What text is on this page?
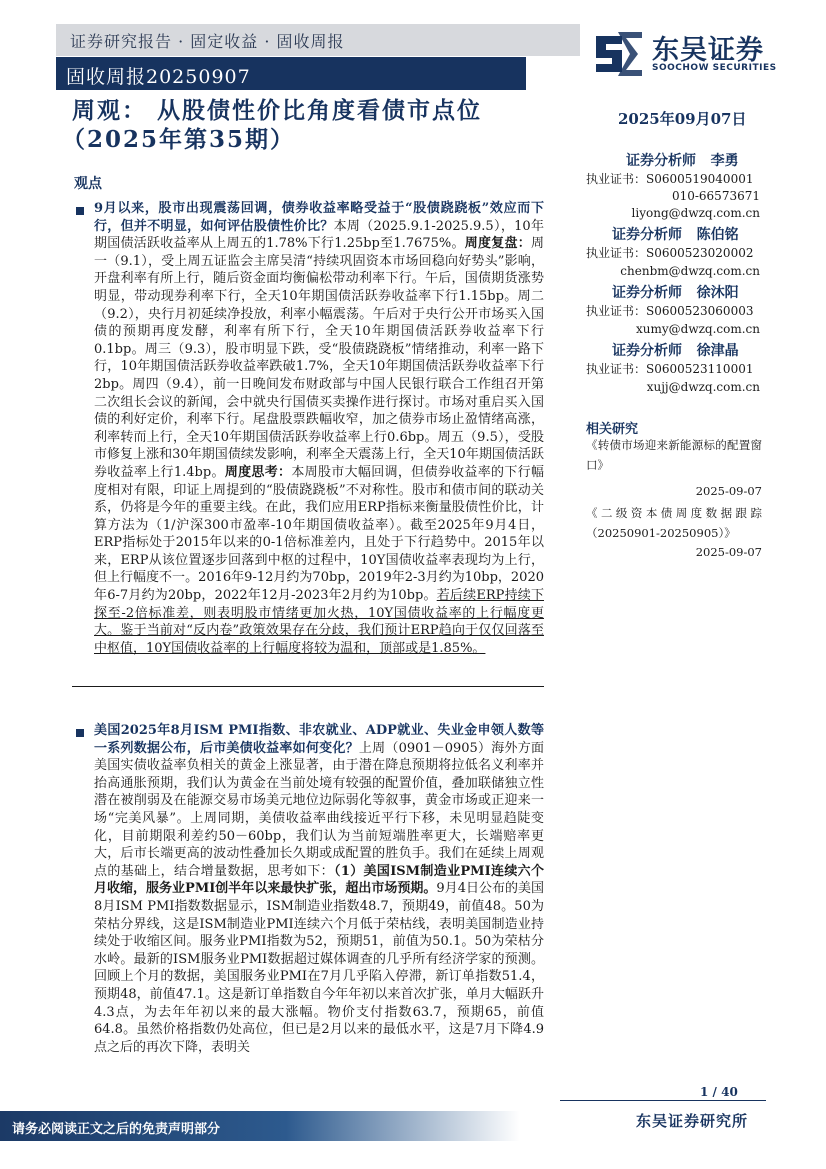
证券研究报告 · 固定收益 · 固收周报
固收周报20250907
东吴证券
SOOCHOW SECURITIES
周观： 从股债性价比角度看债市点位
（2025年第35期）
2025年09月07日
证券分析师 李勇
执业证书：S0600519040001
010-66573671
liyong@dwzq.com.cn
证券分析师 陈伯铭
执业证书：S0600523020002
chenbm@dwzq.com.cn
证券分析师 徐沐阳
执业证书：S0600523060003
xumy@dwzq.com.cn
证券分析师 徐津晶
执业证书：S0600523110001
xujj@dwzq.com.cn
相关研究
《转债市场迎来新能源标的配置窗口》
2025-09-07
《二级资本债周度数据跟踪（20250901-20250905）》
2025-09-07
观点
9月以来，股市出现震荡回调，债券收益率略受益于“股债跷跷板”效应而下行，但并不明显，如何评估股债性价比？本周（2025.9.1-2025.9.5），10年期国债活跃收益率从上周五的1.78%下行1.25bp至1.7675%。周度复盘：周一（9.1），受上周五证监会主席吴清“持续巩固资本市场回稳向好势头”影响，开盘利率有所上行，随后资金面均衡偏松带动利率下行。午后，国债期货涨势明显，带动现券利率下行，全天10年期国债活跃券收益率下行1.15bp。周二（9.2），央行月初延续净投放，利率小幅震荡。午后对于央行公开市场买入国债的预期再度发酵，利率有所下行，全天10年期国债活跃券收益率下行0.1bp。周三（9.3），股市明显下跌，受“股债跷跷板”情绪推动，利率一路下行，10年期国债活跃券收益率跌破1.7%，全天10年期国债活跃券收益率下行2bp。周四（9.4），前一日晚间发布财政部与中国人民银行联合工作组召开第二次组长会议的新闻，会中就央行国债买卖操作进行探讨。市场对重启买入国债的利好定价，利率下行。尾盘股票跌幅收窄，加之债券市场止盈情绪高涨，利率转而上行，全天10年期国债活跃券收益率上行0.6bp。周五（9.5），受股市修复上涨和30年期国债续发影响，利率全天震荡上行，全天10年期国债活跃券收益率上行1.4bp。周度思考：本周股市大幅回调，但债券收益率的下行幅度相对有限，印证上周提到的“股债跷跷板”不对称性。股市和债市间的联动关系，仍将是今年的重要主线。在此，我们应用ERP指标来衡量股债性价比，计算方法为（1/沪深300市盈率-10年期国债收益率）。截至2025年9月4日，ERP指标处于2015年以来的0-1倍标准差内，且处于下行趋势中。2015年以来，ERP从该位置逐步回落到中枢的过程中，10Y国债收益率表现均为上行，但上行幅度不一。2016年9-12月约为70bp，2019年2-3月约为10bp，2020年6-7月约为20bp，2022年12月-2023年2月约为10bp。若后续ERP持续下探至-2倍标准差，则表明股市情绪更加火热，10Y国债收益率的上行幅度更大。鉴于当前对“反内卷”政策效果存在分歧，我们预计ERP趋向于仅仅回落至中枢值，10Y国债收益率的上行幅度将较为温和，顶部或是1.85%。
美国2025年8月ISM PMI指数、非农就业、ADP就业、失业金申领人数等一系列数据公布，后市美债收益率如何变化？上周（0901－0905）海外方面美国实债收益率负相关的黄金上涨显著，由于潜在降息预期将拉低名义利率并抬高通胀预期，我们认为黄金在当前处境有较强的配置价值，叠加联储独立性潜在被削弱及在能源交易市场美元地位边际弱化等叙事，黄金市场或正迎来一场“完美风暴”。上周同期，美债收益率曲线接近平行下移，未见明显趋陡变化，目前期限利差约50－60bp，我们认为当前短端胜率更大，长端赔率更大，后市长端更高的波动性叠加长久期或成配置的胜负手。我们在延续上周观点的基础上，结合增量数据，思考如下：（1）美国ISM制造业PMI连续六个月收缩，服务业PMI创半年以来最快扩张，超出市场预期。9月4日公布的美国8月ISM PMI指数数据显示，ISM制造业指数48.7，预期49，前值48。50为荣枯分界线，这是ISM制造业PMI连续六个月低于荣枯线，表明美国制造业持续处于收缩区间。服务业PMI指数为52，预期51，前值为50.1。50为荣枯分水岭。最新的ISM服务业PMI数据超过媒体调查的几乎所有经济学家的预测。回顾上个月的数据，美国服务业PMI在7月几乎陷入停滞，新订单指数51.4，预期48，前值47.1。这是新订单指数自今年年初以来首次扩张，单月大幅跃升4.3点，为去年年初以来的最大涨幅。物价支付指数63.7，预期65，前值64.8。虽然价格指数仍处高位，但已是2月以来的最低水平，这是7月下降4.9点之后的再次下降，表明关
1 / 40
东吴证券研究所
请务必阅读正文之后的免责声明部分
